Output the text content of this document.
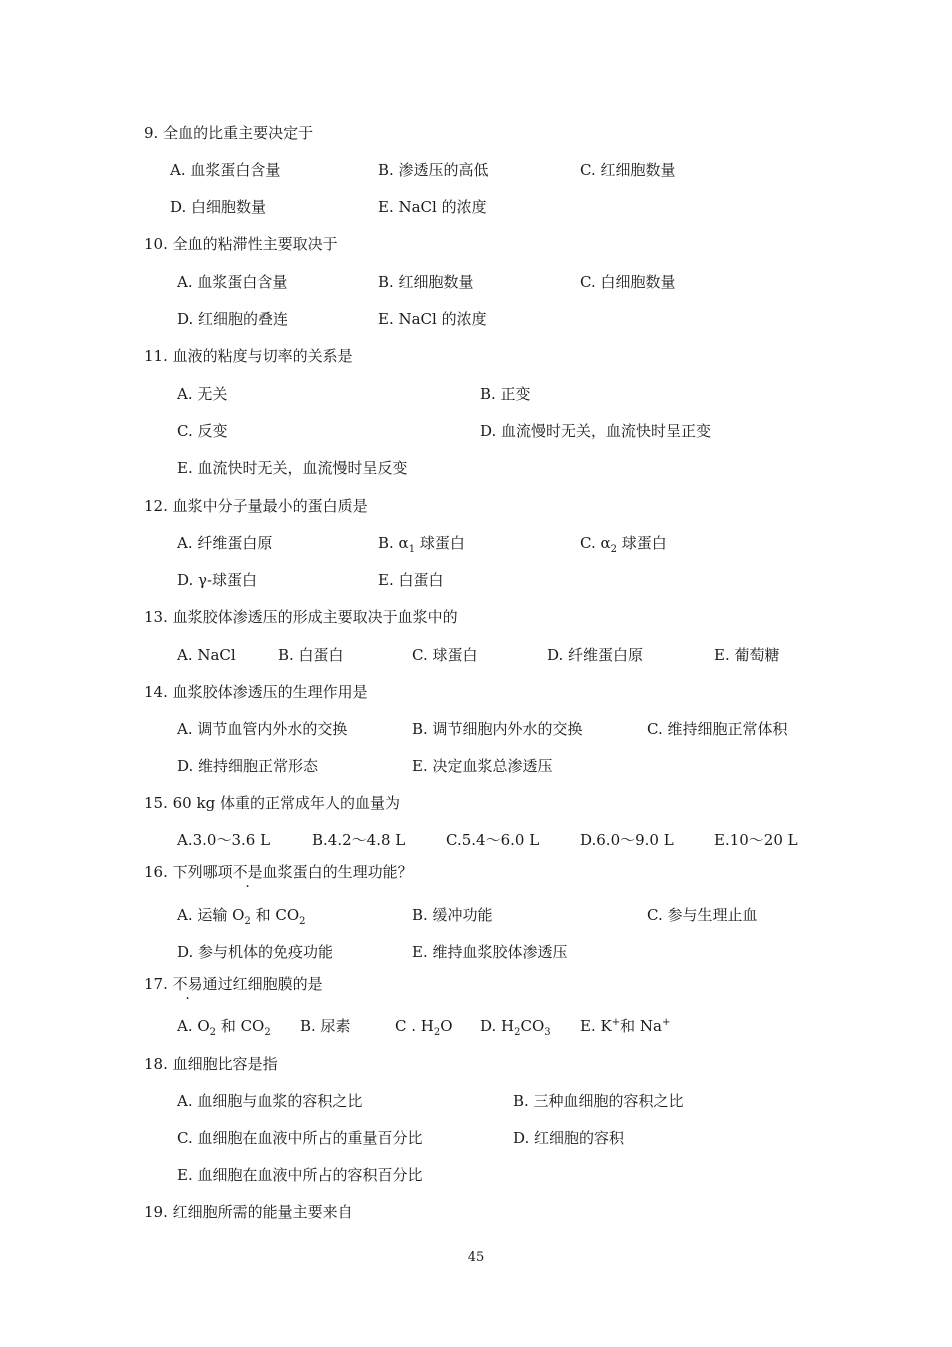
9. 全血的比重主要决定于
A. 血浆蛋白含量	B. 渗透压的高低	C. 红细胞数量
D. 白细胞数量	E. NaCl 的浓度
10. 全血的粘滞性主要取决于
A. 血浆蛋白含量	B. 红细胞数量	C. 白细胞数量
D. 红细胞的叠连	E. NaCl 的浓度
11. 血液的粘度与切率的关系是
A. 无关	B. 正变
C. 反变	D. 血流慢时无关，血流快时呈正变
E. 血流快时无关，血流慢时呈反变
12. 血浆中分子量最小的蛋白质是
A. 纤维蛋白原	B. $\alpha_1$ 球蛋白	C. $\alpha_2$ 球蛋白
D. γ-球蛋白	E. 白蛋白
13. 血浆胶体渗透压的形成主要取决于血浆中的
A. NaCl	B. 白蛋白	C. 球蛋白	D. 纤维蛋白原	E. 葡萄糖
14. 血浆胶体渗透压的生理作用是
A. 调节血管内外水的交换	B. 调节细胞内外水的交换	C. 维持细胞正常体积
D. 维持细胞正常形态	E. 决定血浆总渗透压
15. 60 kg 体重的正常成年人的血量为
A.3.0～3.6 L	B.4.2～4.8 L	C.5.4～6.0 L	D.6.0～9.0 L	E.10～20 L
16. 下列哪项不是血浆蛋白的生理功能？
A. 运输 $O_2$ 和 $CO_2$	B. 缓冲功能	C. 参与生理止血
D. 参与机体的免疫功能	E. 维持血浆胶体渗透压
17. 不易通过红细胞膜的是
A. $O_2$ 和 $CO_2$ B. 尿素	C . $H_2O$ D. $H_2CO_3$ E. K+和 Na+
18. 血细胞比容是指
A. 血细胞与血浆的容积之比	B. 三种血细胞的容积之比
C. 血细胞在血液中所占的重量百分比	D. 红细胞的容积
E. 血细胞在血液中所占的容积百分比
19. 红细胞所需的能量主要来自
45
